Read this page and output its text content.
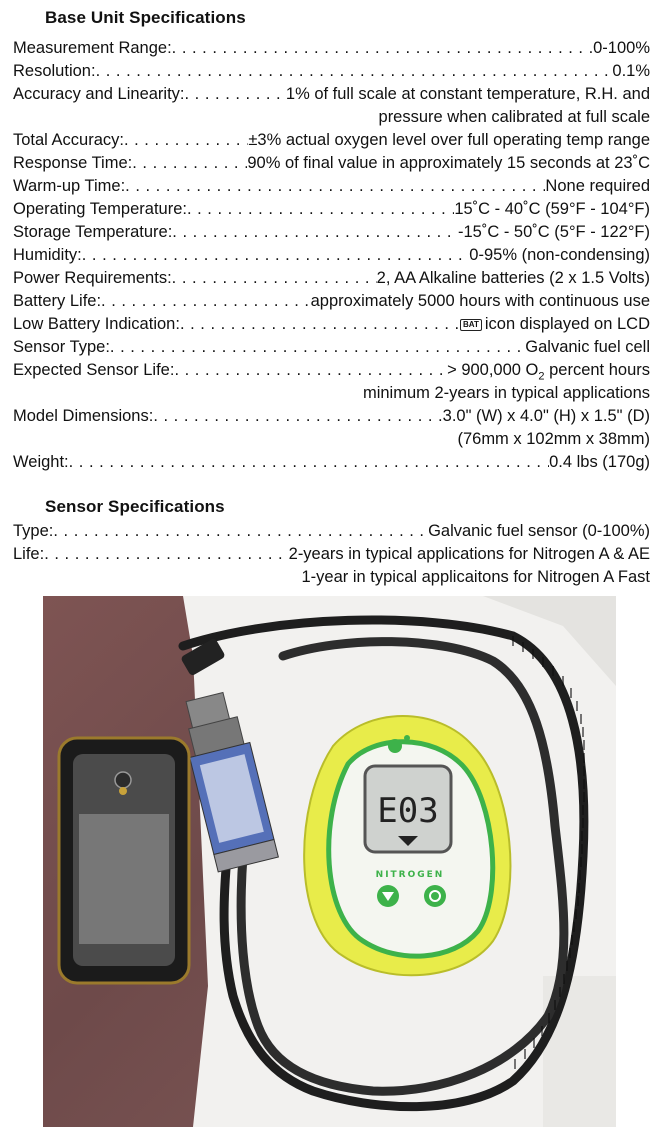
Base Unit Specifications
Measurement Range: . . .	0-100%
Resolution: . . .	0.1%
Accuracy and Linearity: . . .	1% of full scale at constant temperature, R.H. and
pressure when calibrated at full scale
Total Accuracy: . . .	±3% actual oxygen level over full operating temp range
Response Time: . . .	90% of final value in approximately 15 seconds at 23˚C
Warm-up Time: . . .	None required
Operating Temperature: . . .	15˚C - 40˚C (59°F - 104°F)
Storage Temperature: . . .	-15˚C - 50˚C (5°F - 122°F)
Humidity: . . .	0-95% (non-condensing)
Power Requirements: . . .	2, AA Alkaline batteries (2 x 1.5 Volts)
Battery Life: . . .	approximately 5000 hours with continuous use
Low Battery Indication: . . .	BAT icon displayed on LCD
Sensor Type: . . .	Galvanic fuel cell
Expected Sensor Life: . . .	> 900,000 $O_2$ percent hours
minimum 2-years in typical applications
Model Dimensions: . . .	3.0" (W) x 4.0" (H) x 1.5" (D)
(76mm x 102mm x 38mm)
Weight: . . .	0.4 lbs (170g)
Sensor Specifications
Type: . . .	Galvanic fuel sensor (0-100%)
Life: . . .	2-years in typical applications for Nitrogen A & AE
1-year in typical applicaitons for Nitrogen A Fast
E03
NITROGEN
